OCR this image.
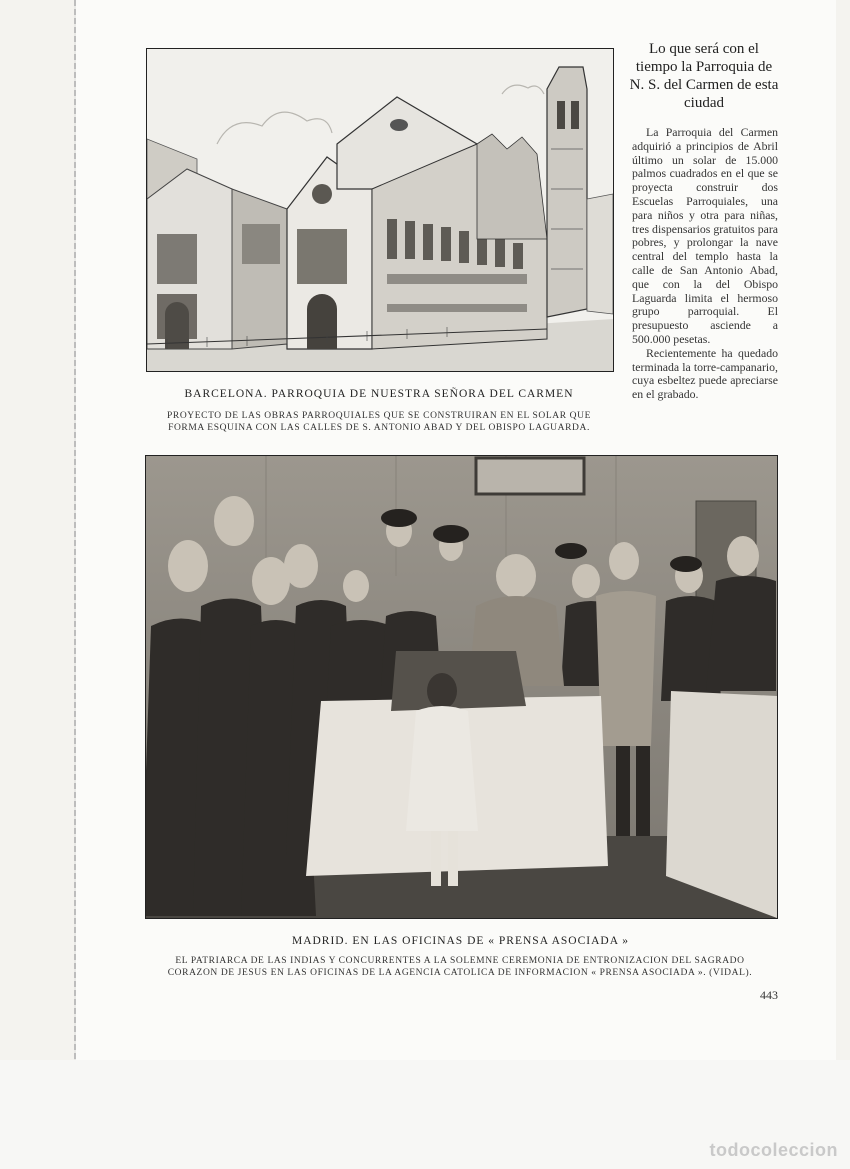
BARCELONA. PARROQUIA DE NUESTRA SEÑORA DEL CARMEN
PROYECTO DE LAS OBRAS PARROQUIALES QUE SE CONSTRUIRAN EN EL SOLAR QUE
FORMA ESQUINA CON LAS CALLES DE S. ANTONIO ABAD Y DEL OBISPO LAGUARDA.
Lo que será con el tiempo la Parroquia de N. S. del Carmen de esta ciudad

La Parroquia del Carmen adquirió a principios de Abril último un solar de 15.000 palmos cuadrados en el que se proyecta construir dos Escuelas Parroquiales, una para niños y otra para niñas, tres dispensarios gratuitos para pobres, y prolongar la nave central del templo hasta la calle de San Antonio Abad, que con la del Obispo Laguarda limita el hermoso grupo parroquial. El presupuesto asciende a 500.000 pesetas.

Recientemente ha quedado terminada la torre-campanario, cuya esbeltez puede apreciarse en el grabado.

MADRID. EN LAS OFICINAS DE « PRENSA ASOCIADA »
EL PATRIARCA DE LAS INDIAS Y CONCURRENTES A LA SOLEMNE CEREMONIA DE ENTRONIZACION DEL SAGRADO
CORAZON DE JESUS EN LAS OFICINAS DE LA AGENCIA CATOLICA DE INFORMACION « PRENSA ASOCIADA ». (VIDAL).
443
todocoleccion
